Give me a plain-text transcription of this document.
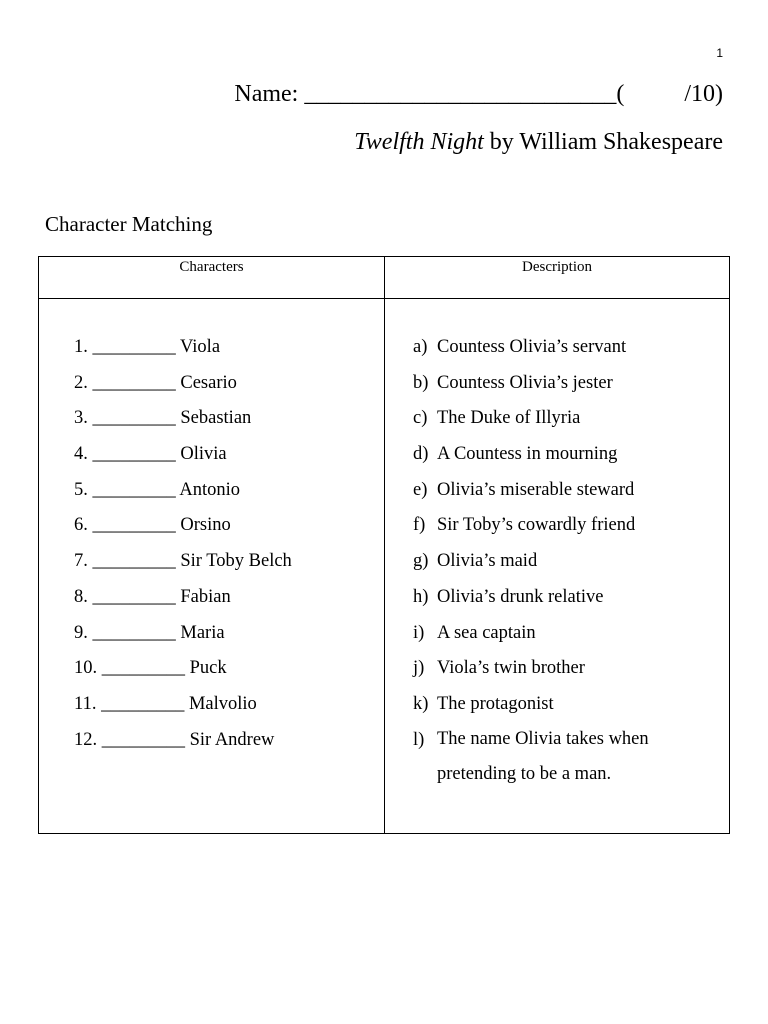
1
Name: __________________________(          /10)
Twelfth Night by William Shakespeare
Character Matching
Characters	Description
1. _________ Viola
2. _________ Cesario
3. _________ Sebastian
4. _________ Olivia
5. _________ Antonio
6. _________ Orsino
7. _________ Sir Toby Belch
8. _________ Fabian
9. _________ Maria
10. _________ Puck
11. _________ Malvolio
12. _________ Sir Andrew
a) Countess Olivia’s servant
b) Countess Olivia’s jester
c) The Duke of Illyria
d) A Countess in mourning
e) Olivia’s miserable steward
f) Sir Toby’s cowardly friend
g) Olivia’s maid
h) Olivia’s drunk relative
i) A sea captain
j) Viola’s twin brother
k) The protagonist
l) The name Olivia takes when pretending to be a man.
